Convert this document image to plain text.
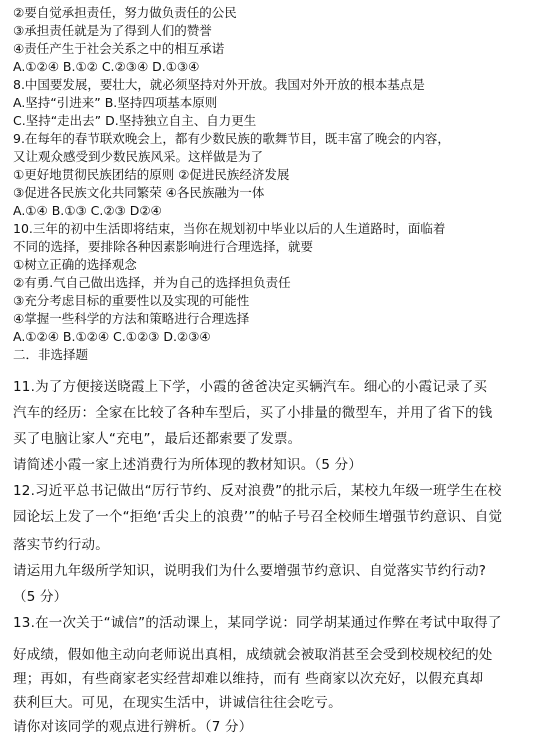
②要自觉承担责任，努力做负责任的公民
③承担责任就是为了得到人们的赞誉
④责任产生于社会关系之中的相互承诺
A.①②④ B.①② C.②③④ D.①③④
8.中国要发展，要壮大，就必须坚持对外开放。我国对外开放的根本基点是
A.坚持“引进来” B.坚持四项基本原则
C.坚持“走出去” D.坚持独立自主、自力更生
9.在每年的春节联欢晚会上，都有少数民族的歌舞节目，既丰富了晚会的内容，
又让观众感受到少数民族风采。这样做是为了
①更好地贯彻民族团结的原则 ②促进民族经济发展
③促进各民族文化共同繁荣 ④各民族融为一体
A.①④ B.①③ C.②③ D②④
10.三年的初中生活即将结束，当你在规划初中毕业以后的人生道路时，面临着
不同的选择，要排除各种因素影响进行合理选择，就要
①树立正确的选择观念
②有勇.气自己做出选择，并为自己的选择担负责任
③充分考虑目标的重要性以及实现的可能性
④掌握一些科学的方法和策略进行合理选择
A.①②④ B.①②④ C.①②③ D.②③④
二．非选择题
11.为了方便接送晓霞上下学，小霞的爸爸决定买辆汽车。细心的小霞记录了买
汽车的经历：全家在比较了各种车型后，买了小排量的微型车，并用了省下的钱
买了电脑让家人“充电”，最后还都索要了发票。
请简述小霞一家上述消费行为所体现的教材知识。（5 分）
12.习近平总书记做出“厉行节约、反对浪费”的批示后，某校九年级一班学生在校
园论坛上发了一个“拒绝‘舌尖上的浪费’”的帖子号召全校师生增强节约意识、自觉
落实节约行动。
请运用九年级所学知识，说明我们为什么要增强节约意识、自觉落实节约行动?
（5 分）
13.在一次关于“诚信”的活动课上，某同学说：同学胡某通过作弊在考试中取得了
好成绩，假如他主动向老师说出真相，成绩就会被取消甚至会受到校规校纪的处
理；再如，有些商家老实经营却难以维持，而有 些商家以次充好，以假充真却
获利巨大。可见，在现实生活中，讲诚信往往会吃亏。
请你对该同学的观点进行辨析。（7 分）
